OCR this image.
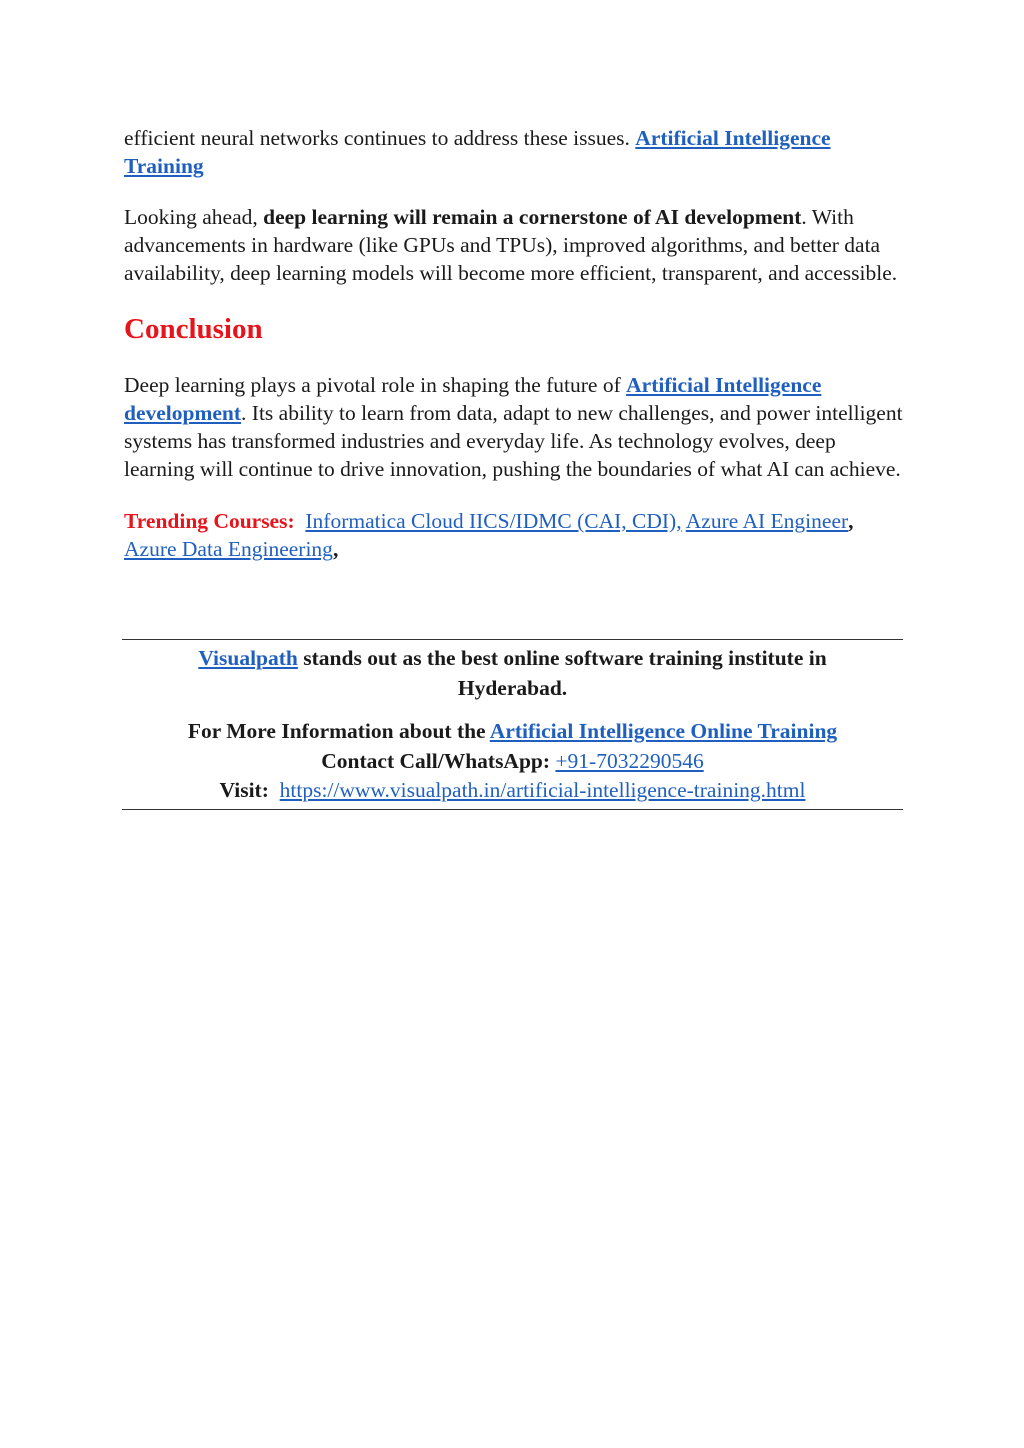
efficient neural networks continues to address these issues. Artificial Intelligence Training

Looking ahead, deep learning will remain a cornerstone of AI development. With advancements in hardware (like GPUs and TPUs), improved algorithms, and better data availability, deep learning models will become more efficient, transparent, and accessible.

Conclusion

Deep learning plays a pivotal role in shaping the future of Artificial Intelligence development. Its ability to learn from data, adapt to new challenges, and power intelligent systems has transformed industries and everyday life. As technology evolves, deep learning will continue to drive innovation, pushing the boundaries of what AI can achieve.

Trending Courses: Informatica Cloud IICS/IDMC (CAI, CDI), Azure AI Engineer, Azure Data Engineering,

Visualpath stands out as the best online software training institute in Hyderabad.

For More Information about the Artificial Intelligence Online Training

Contact Call/WhatsApp: +91-7032290546

Visit: https://www.visualpath.in/artificial-intelligence-training.html
